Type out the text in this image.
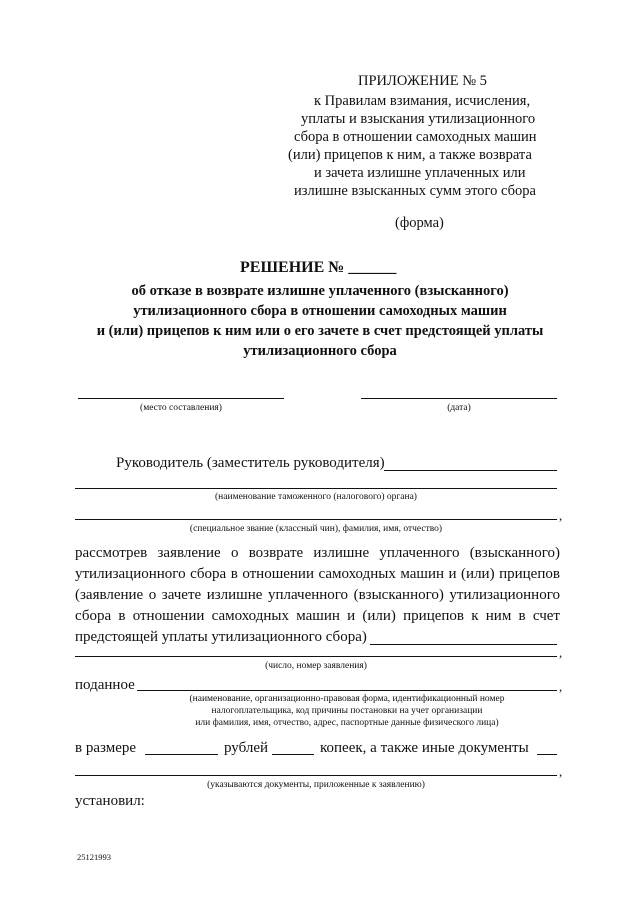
ПРИЛОЖЕНИЕ № 5
к Правилам взимания, исчисления,
уплаты и взыскания утилизационного
сбора в отношении самоходных машин
(или) прицепов к ним, а также возврата
и зачета излишне уплаченных или
излишне взысканных сумм этого сбора
(форма)
РЕШЕНИЕ № ______
об отказе в возврате излишне уплаченного (взысканного)
утилизационного сбора в отношении самоходных машин
и (или) прицепов к ним или о его зачете в счет предстоящей уплаты
утилизационного сбора
(место составления)	(дата)
Руководитель (заместитель руководителя)
(наименование таможенного (налогового) органа)
,
(специальное звание (классный чин), фамилия, имя, отчество)
рассмотрев заявление о возврате излишне уплаченного (взысканного)
утилизационного сбора в отношении самоходных машин и (или) прицепов
(заявление о зачете излишне уплаченного (взысканного) утилизационного
сбора в отношении самоходных машин и (или) прицепов к ним в счет
предстоящей уплаты утилизационного сбора)
,
(число, номер заявления)
поданное	,
(наименование, организационно-правовая форма, идентификационный номер
налогоплательщика, код причины постановки на учет организации
или фамилия, имя, отчество, адрес, паспортные данные физического лица)
в размере	рублей	копеек, а также иные документы
,
(указываются документы, приложенные к заявлению)
установил:
25121993
